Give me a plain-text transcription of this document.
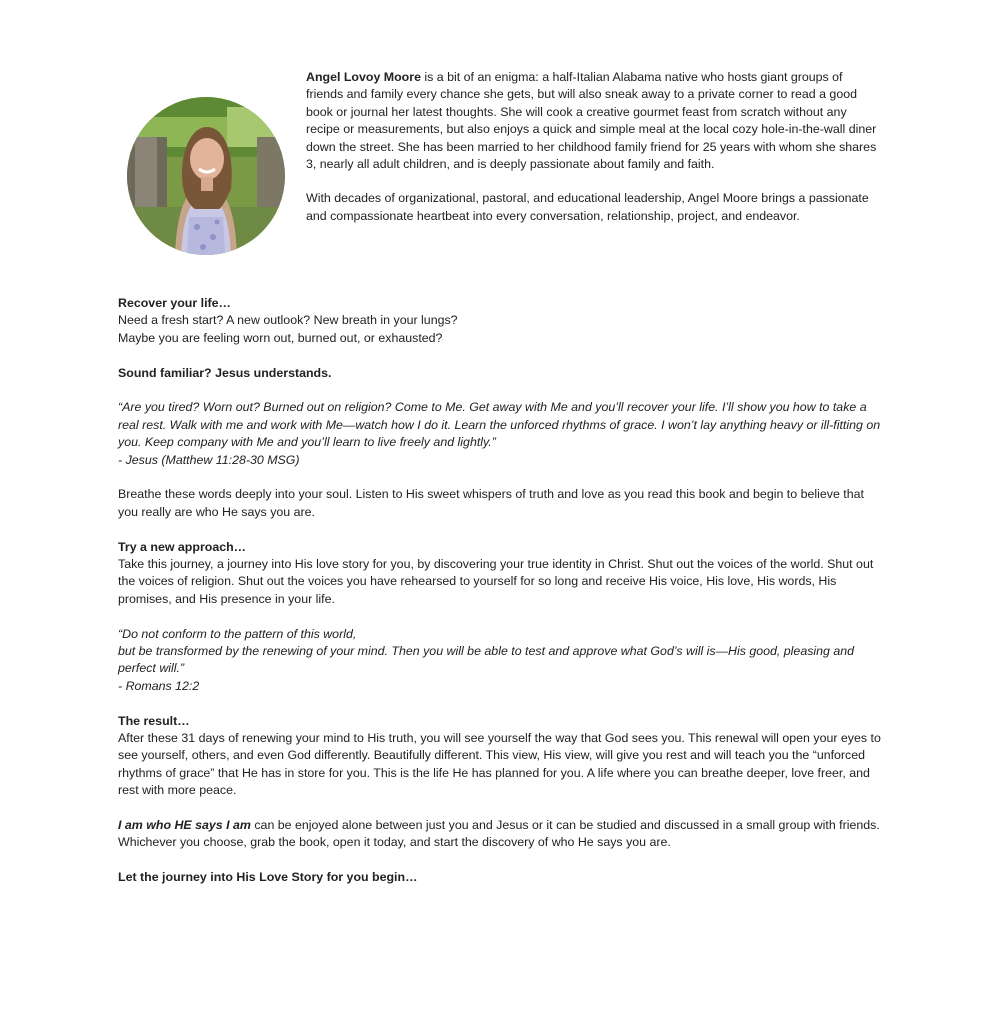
Angel Lovoy Moore is a bit of an enigma: a half-Italian Alabama native who hosts giant groups of friends and family every chance she gets, but will also sneak away to a private corner to read a good book or journal her latest thoughts. She will cook a creative gourmet feast from scratch without any recipe or measurements, but also enjoys a quick and simple meal at the local cozy hole-in-the-wall diner down the street. She has been married to her childhood family friend for 25 years with whom she shares 3, nearly all adult children, and is deeply passionate about family and faith.

With decades of organizational, pastoral, and educational leadership, Angel Moore brings a passionate and compassionate heartbeat into every conversation, relationship, project, and endeavor.

Recover your life…

Need a fresh start? A new outlook? New breath in your lungs?

Maybe you are feeling worn out, burned out, or exhausted?

Sound familiar? Jesus understands.

“Are you tired? Worn out? Burned out on religion? Come to Me. Get away with Me and you’ll recover your life. I’ll show you how to take a real rest. Walk with me and work with Me—watch how I do it. Learn the unforced rhythms of grace. I won’t lay anything heavy or ill-fitting on you. Keep company with Me and you’ll learn to live freely and lightly.”

- Jesus (Matthew 11:28-30 MSG)

Breathe these words deeply into your soul. Listen to His sweet whispers of truth and love as you read this book and begin to believe that you really are who He says you are.

Try a new approach…

Take this journey, a journey into His love story for you, by discovering your true identity in Christ. Shut out the voices of the world. Shut out the voices of religion. Shut out the voices you have rehearsed to yourself for so long and receive His voice, His love, His words, His promises, and His presence in your life.

“Do not conform to the pattern of this world,

but be transformed by the renewing of your mind. Then you will be able to test and approve what God’s will is—His good, pleasing and perfect will.”

- Romans 12:2

The result…

After these 31 days of renewing your mind to His truth, you will see yourself the way that God sees you. This renewal will open your eyes to see yourself, others, and even God differently. Beautifully different. This view, His view, will give you rest and will teach you the “unforced rhythms of grace” that He has in store for you. This is the life He has planned for you. A life where you can breathe deeper, love freer, and rest with more peace.

I am who HE says I am can be enjoyed alone between just you and Jesus or it can be studied and discussed in a small group with friends. Whichever you choose, grab the book, open it today, and start the discovery of who He says you are.

Let the journey into His Love Story for you begin…
